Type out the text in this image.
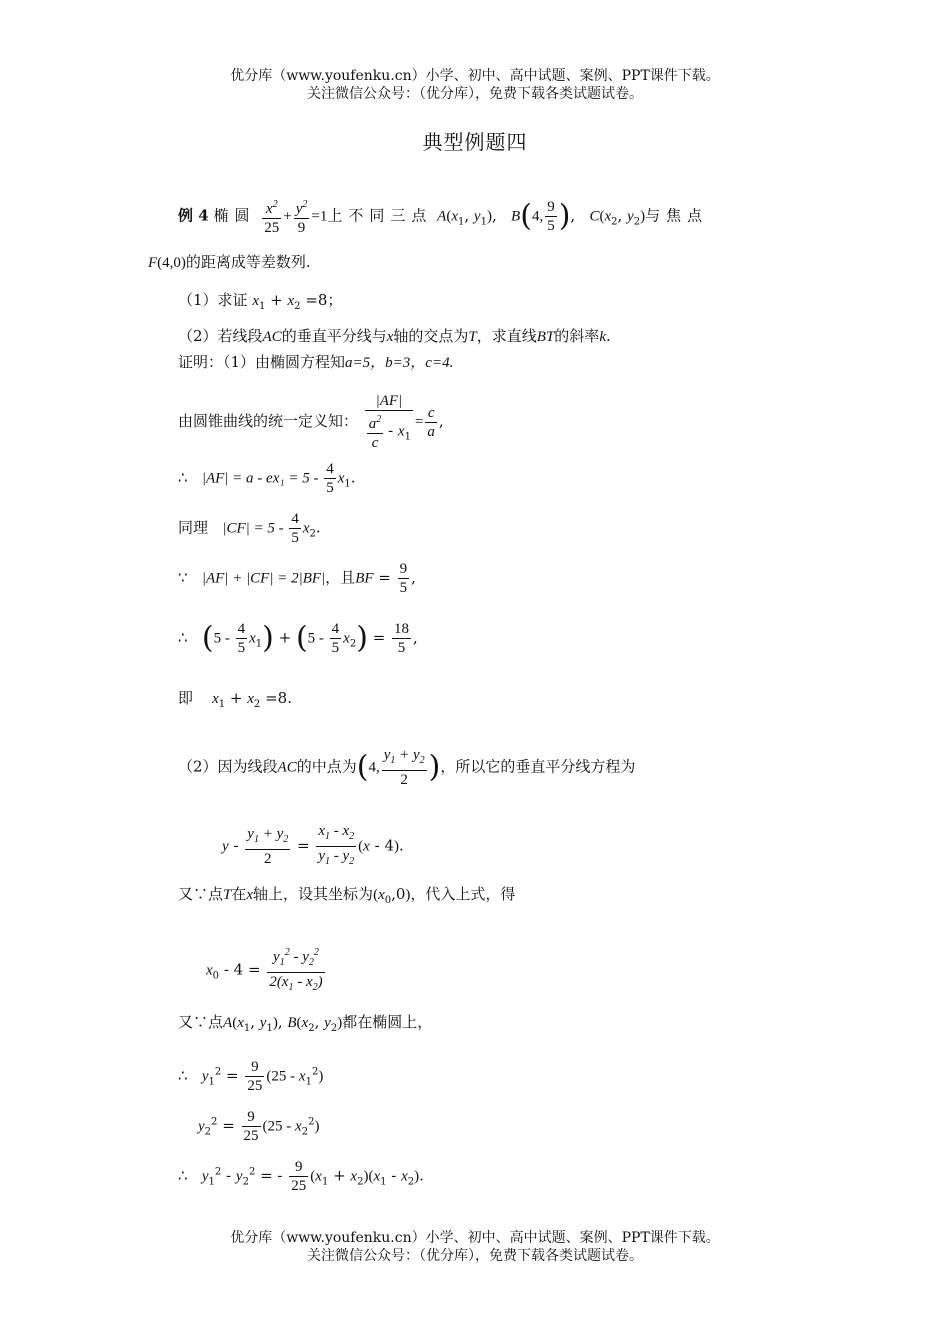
优分库（www.youfenku.cn）小学、初中、高中试题、案例、PPT课件下载。
关注微信公众号：（优分库），免费下载各类试题试卷。
典型例题四
例 4 椭圆 $\frac{x^2}{25} + \frac{y^2}{9} =1$上不同三点 $A(x_1$, $y_1$),   B(4, $\frac{9}{5}$ ),   $C(x_2$, $y_2$)与焦点
F(4,0)的距离成等差数列.
（1）求证 $x_1 + x_2 =8$；
（2）若线段AC的垂直平分线与x轴的交点为T，求直线BT的斜率k.
证明：（1）由椭圆方程知a=5，b=3，c=4.
由圆锥曲线的统一定义知： $\frac{|AF|}{\frac{a^2}{c} - x_1} = \frac{c}{a}$ ,
∴ $|AF| = a - ex_1 = 5 - \frac{4}{5} x_1$.
同理 $|CF| = 5 - \frac{4}{5} x_2$.
∵ |AF| + |CF| = 2|BF|，且BF = $\frac{9}{5}$ ,
∴ $(5 - \frac{4}{5} x_1) + (5 - \frac{4}{5} x_2) = \frac{18}{5}$ ,
即 $x_1 + x_2 =8$.
（2）因为线段AC的中点为(4, $\frac{y_1 + y_2}{2}$ )，所以它的垂直平分线方程为
$y - \frac{y_1 + y_2}{2} = \frac{x_1 - x_2}{y_1 - y_2} (x - 4)$.
又∵点T在x轴上，设其坐标为$(x_0,0)$，代入上式，得
$x_0 - 4 = \frac{y_1^2 - y_2^2}{2(x_1 - x_2)}$
又∵点$A(x_1$, $y_1$), $B(x_2$, $y_2$)都在椭圆上，
∴ $y_1^2 = \frac{9}{25} (25 - x_1^2)$
$y_2^2 = \frac{9}{25} (25 - x_2^2)$
∴ $y_1^2 - y_2^2$ = - $\frac{9}{25} (x_1 + x_2)(x_1 - x_2)$.
优分库（www.youfenku.cn）小学、初中、高中试题、案例、PPT课件下载。
关注微信公众号：（优分库），免费下载各类试题试卷。
